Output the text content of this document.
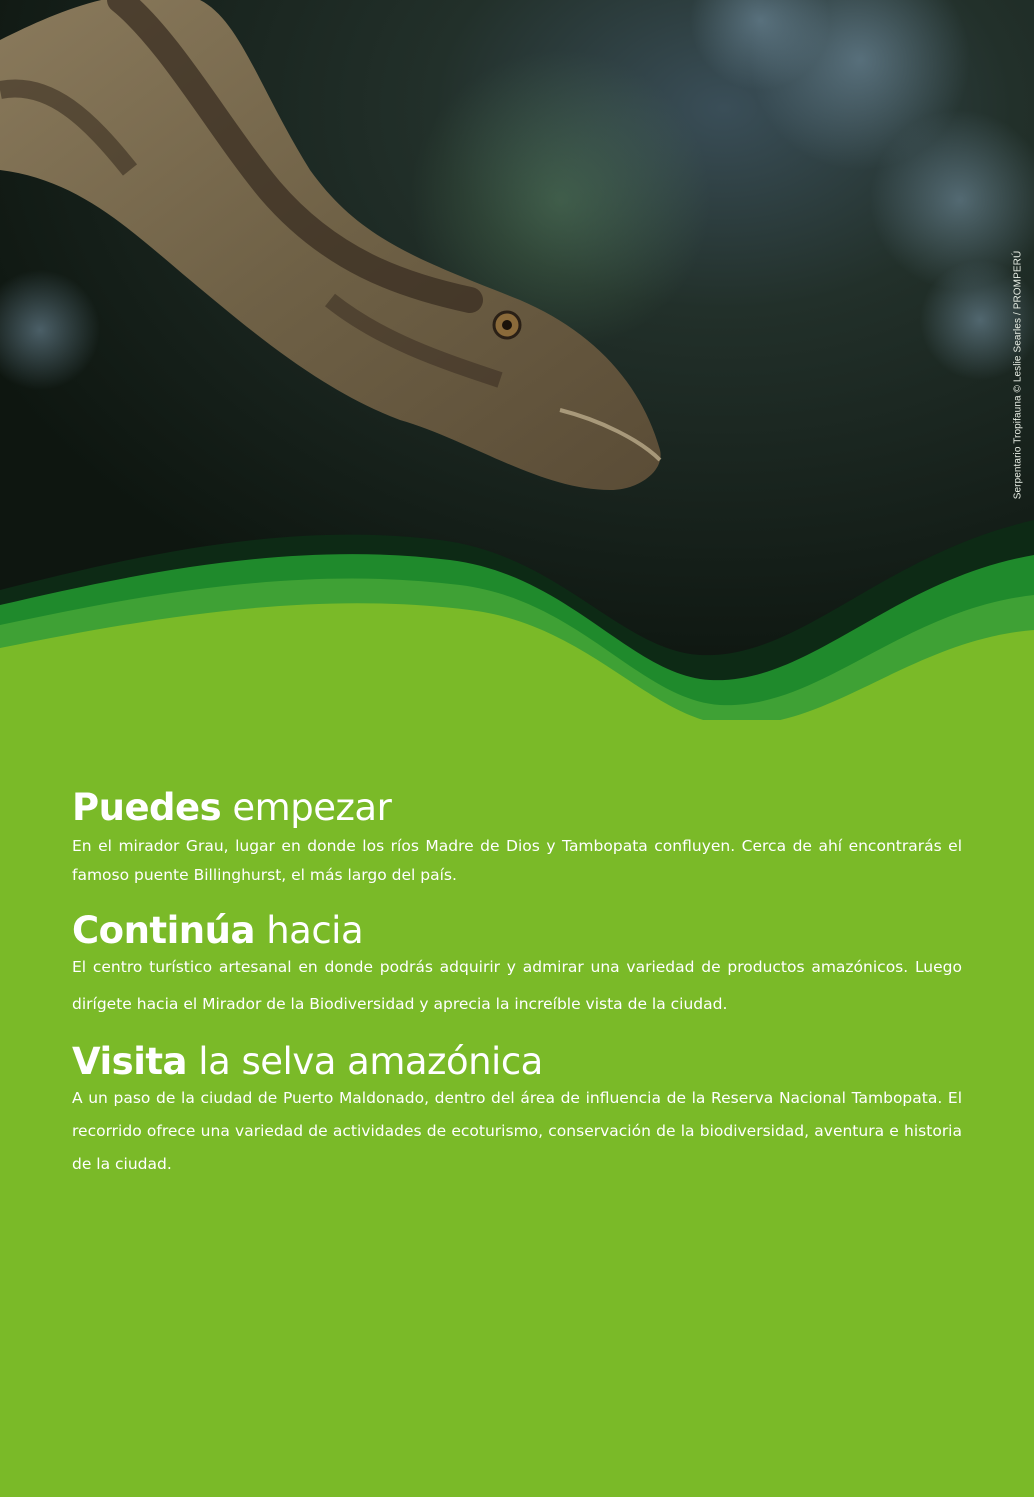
Serpentario Tropifauna © Leslie Searles / PROMPERÚ
Puedes empezar

En el mirador Grau, lugar en donde los ríos Madre de Dios y Tambopata confluyen. Cerca de ahí encontrarás el famoso puente Billinghurst, el más largo del país.

Continúa hacia

El centro turístico artesanal en donde podrás adquirir y admirar una variedad de productos amazónicos. Luego dirígete hacia el Mirador de la Biodiversidad y aprecia la increíble vista de la ciudad.

Visita la selva amazónica

A un paso de la ciudad de Puerto Maldonado, dentro del área de influencia de la Reserva Nacional Tambopata. El recorrido ofrece una variedad de actividades de ecoturismo, conservación de la biodiversidad, aventura e historia de la ciudad.
